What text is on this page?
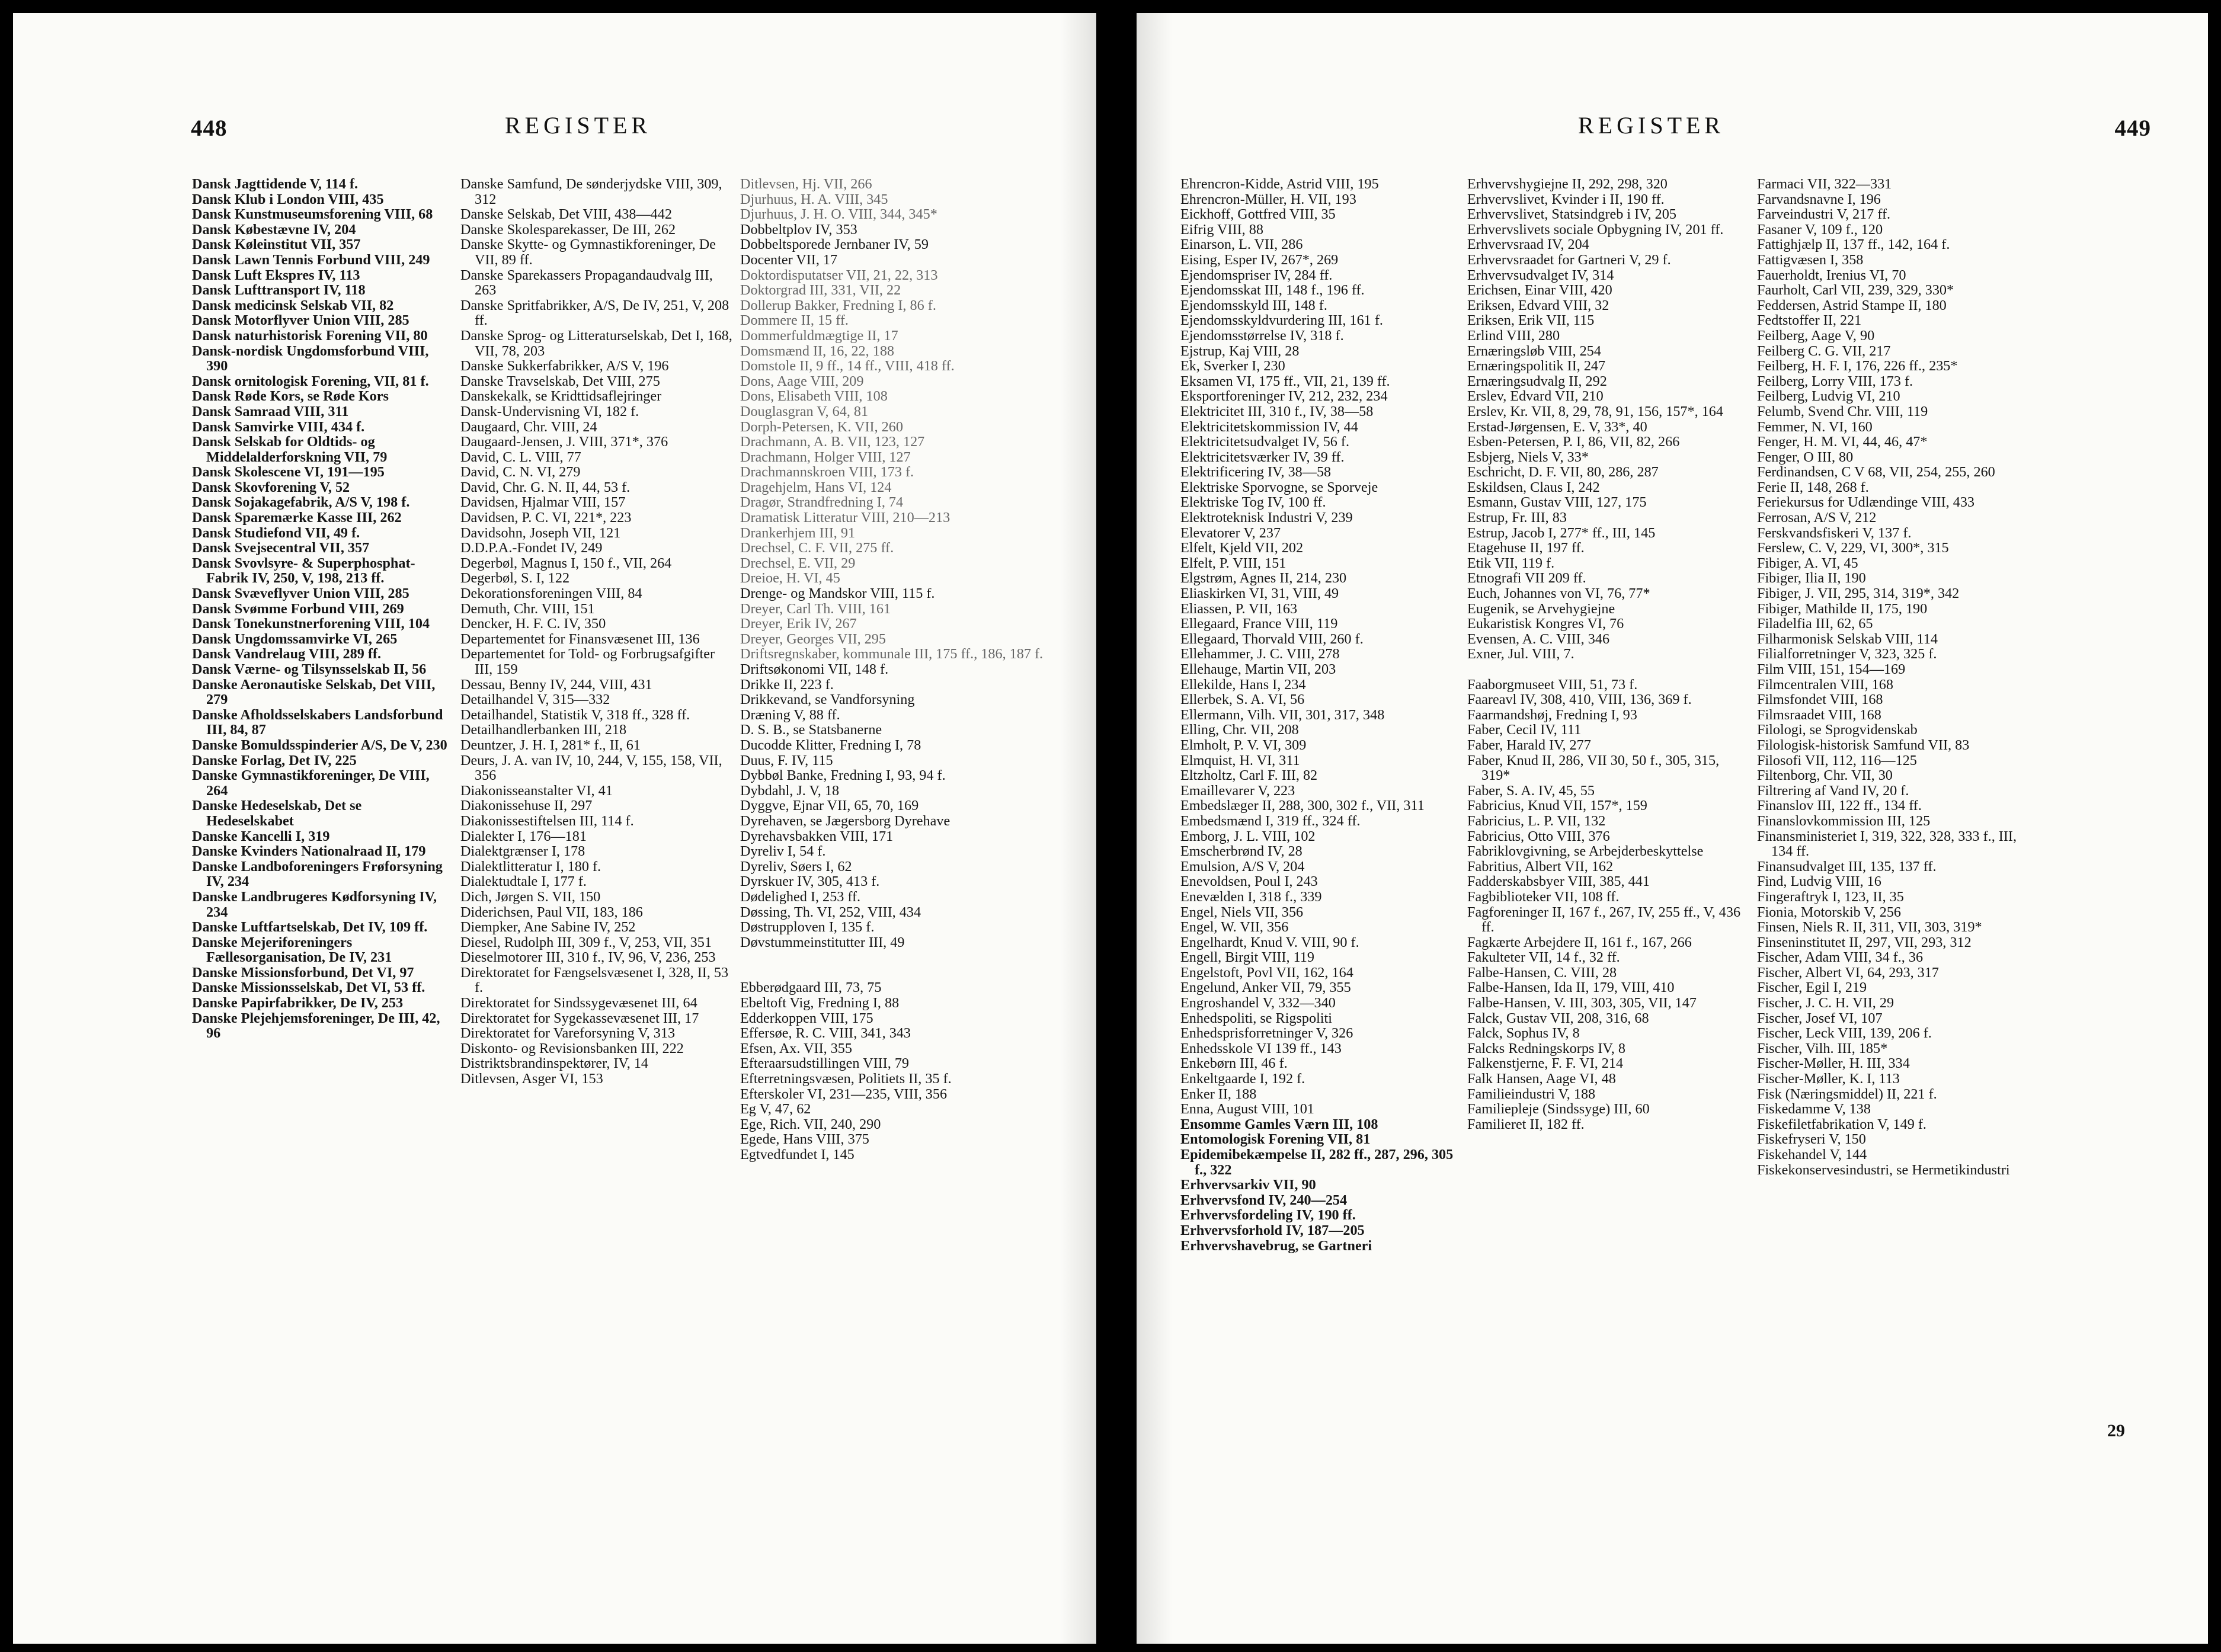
448	REGISTER
Dansk Jagttidende V, 114 f.
Dansk Klub i London VIII, 435
Dansk Kunstmuseumsforening VIII, 68
Dansk Købestævne IV, 204
Dansk Køleinstitut VII, 357
Dansk Lawn Tennis Forbund VIII, 249
Dansk Luft Ekspres IV, 113
Dansk Lufttransport IV, 118
Dansk medicinsk Selskab VII, 82
Dansk Motorflyver Union VIII, 285
Dansk naturhistorisk Forening VII, 80
Dansk-nordisk Ungdomsforbund VIII, 390
Dansk ornitologisk Forening, VII, 81 f.
Dansk Røde Kors, se Røde Kors
Dansk Samraad VIII, 311
Dansk Samvirke VIII, 434 f.
Dansk Selskab for Oldtids- og Middelalderforskning VII, 79
Dansk Skolescene VI, 191—195
Dansk Skovforening V, 52
Dansk Sojakagefabrik, A/S V, 198 f.
Dansk Sparemærke Kasse III, 262
Dansk Studiefond VII, 49 f.
Dansk Svejsecentral VII, 357
Dansk Svovlsyre- & Superphosphat-Fabrik IV, 250, V, 198, 213 ff.
Dansk Svæveflyver Union VIII, 285
Dansk Svømme Forbund VIII, 269
Dansk Tonekunstnerforening VIII, 104
Dansk Ungdomssamvirke VI, 265
Dansk Vandrelaug VIII, 289 ff.
Dansk Værne- og Tilsynsselskab II, 56
Danske Aeronautiske Selskab, Det VIII, 279
Danske Afholdsselskabers Landsforbund III, 84, 87
Danske Bomuldsspinderier A/S, De V, 230
Danske Forlag, Det IV, 225
Danske Gymnastikforeninger, De VIII, 264
Danske Hedeselskab, Det se Hedeselskabet
Danske Kancelli I, 319
Danske Kvinders Nationalraad II, 179
Danske Landboforeningers Frøforsyning IV, 234
Danske Landbrugeres Kødforsyning IV, 234
Danske Luftfartselskab, Det IV, 109 ff.
Danske Mejeriforeningers Fællesorganisation, De IV, 231
Danske Missionsforbund, Det VI, 97
Danske Missionsselskab, Det VI, 53 ff.
Danske Papirfabrikker, De IV, 253
Danske Plejehjemsforeninger, De III, 42, 96
Danske Samfund, De sønderjydske VIII, 309, 312
Danske Selskab, Det VIII, 438—442
Danske Skolesparekasser, De III, 262
Danske Skytte- og Gymnastikforeninger, De VII, 89 ff.
Danske Sparekassers Propagandaudvalg III, 263
Danske Spritfabrikker, A/S, De IV, 251, V, 208 ff.
Danske Sprog- og Litteraturselskab, Det I, 168, VII, 78, 203
Danske Sukkerfabrikker, A/S V, 196
Danske Travselskab, Det VIII, 275
Danskekalk, se Kridttidsaflejringer
Dansk-Undervisning VI, 182 f.
Daugaard, Chr. VIII, 24
Daugaard-Jensen, J. VIII, 371*, 376
David, C. L. VIII, 77
David, C. N. VI, 279
David, Chr. G. N. II, 44, 53 f.
Davidsen, Hjalmar VIII, 157
Davidsen, P. C. VI, 221*, 223
Davidsohn, Joseph VII, 121
D.D.P.A.-Fondet IV, 249
Degerbøl, Magnus I, 150 f., VII, 264
Degerbøl, S. I, 122
Dekorationsforeningen VIII, 84
Demuth, Chr. VIII, 151
Dencker, H. F. C. IV, 350
Departementet for Finansvæsenet III, 136
Departementet for Told- og Forbrugsafgifter III, 159
Dessau, Benny IV, 244, VIII, 431
Detailhandel V, 315—332
Detailhandel, Statistik V, 318 ff., 328 ff.
Detailhandlerbanken III, 218
Deuntzer, J. H. I, 281* f., II, 61
Deurs, J. A. van IV, 10, 244, V, 155, 158, VII, 356
Diakonisseanstalter VI, 41
Diakonissehuse II, 297
Diakonissestiftelsen III, 114 f.
Dialekter I, 176—181
Dialektgrænser I, 178
Dialektlitteratur I, 180 f.
Dialektudtale I, 177 f.
Dich, Jørgen S. VII, 150
Diderichsen, Paul VII, 183, 186
Diempker, Ane Sabine IV, 252
Diesel, Rudolph III, 309 f., V, 253, VII, 351
Dieselmotorer III, 310 f., IV, 96, V, 236, 253
Direktoratet for Fængselsvæsenet I, 328, II, 53 f.
Direktoratet for Sindssygevæsenet III, 64
Direktoratet for Sygekassevæsenet III, 17
Direktoratet for Vareforsyning V, 313
Diskonto- og Revisionsbanken III, 222
Distriktsbrandinspektører, IV, 14
Ditlevsen, Asger VI, 153
Ditlevsen, Hj. VII, 266
Djurhuus, H. A. VIII, 345
Djurhuus, J. H. O. VIII, 344, 345*
Dobbeltplov IV, 353
Dobbeltsporede Jernbaner IV, 59
Docenter VII, 17
Doktordisputatser VII, 21, 22, 313
Doktorgrad III, 331, VII, 22
Dollerup Bakker, Fredning I, 86 f.
Dommere II, 15 ff.
Dommerfuldmægtige II, 17
Domsmænd II, 16, 22, 188
Domstole II, 9 ff., 14 ff., VIII, 418 ff.
Dons, Aage VIII, 209
Dons, Elisabeth VIII, 108
Douglasgran V, 64, 81
Dorph-Petersen, K. VII, 260
Drachmann, A. B. VII, 123, 127
Drachmann, Holger VIII, 127
Drachmannskroen VIII, 173 f.
Dragehjelm, Hans VI, 124
Dragør, Strandfredning I, 74
Dramatisk Litteratur VIII, 210—213
Drankerhjem III, 91
Drechsel, C. F. VII, 275 ff.
Drechsel, E. VII, 29
Dreioe, H. VI, 45
Drenge- og Mandskor VIII, 115 f.
Dreyer, Carl Th. VIII, 161
Dreyer, Erik IV, 267
Dreyer, Georges VII, 295
Driftsregnskaber, kommunale III, 175 ff., 186, 187 f.
Driftsøkonomi VII, 148 f.
Drikke II, 223 f.
Drikkevand, se Vandforsyning
Dræning V, 88 ff.
D. S. B., se Statsbanerne
Ducodde Klitter, Fredning I, 78
Duus, F. IV, 115
Dybbøl Banke, Fredning I, 93, 94 f.
Dybdahl, J. V, 18
Dyggve, Ejnar VII, 65, 70, 169
Dyrehaven, se Jægersborg Dyrehave
Dyrehavsbakken VIII, 171
Dyreliv I, 54 f.
Dyreliv, Søers I, 62
Dyrskuer IV, 305, 413 f.
Dødelighed I, 253 ff.
Døssing, Th. VI, 252, VIII, 434
Døstrupploven I, 135 f.
Døvstummeinstitutter III, 49
Ebberødgaard III, 73, 75
Ebeltoft Vig, Fredning I, 88
Edderkoppen VIII, 175
Effersøe, R. C. VIII, 341, 343
Efsen, Ax. VII, 355
Efteraarsudstillingen VIII, 79
Efterretningsvæsen, Politiets II, 35 f.
Efterskoler VI, 231—235, VIII, 356
Eg V, 47, 62
Ege, Rich. VII, 240, 290
Egede, Hans VIII, 375
Egtvedfundet I, 145
REGISTER	449
Ehrencron-Kidde, Astrid VIII, 195
Ehrencron-Müller, H. VII, 193
Eickhoff, Gottfred VIII, 35
Eifrig VIII, 88
Einarson, L. VII, 286
Eising, Esper IV, 267*, 269
Ejendomspriser IV, 284 ff.
Ejendomsskat III, 148 f., 196 ff.
Ejendomsskyld III, 148 f.
Ejendomsskyldvurdering III, 161 f.
Ejendomsstørrelse IV, 318 f.
Ejstrup, Kaj VIII, 28
Ek, Sverker I, 230
Eksamen VI, 175 ff., VII, 21, 139 ff.
Eksportforeninger IV, 212, 232, 234
Elektricitet III, 310 f., IV, 38—58
Elektricitetskommission IV, 44
Elektricitetsudvalget IV, 56 f.
Elektricitetsværker IV, 39 ff.
Elektrificering IV, 38—58
Elektriske Sporvogne, se Sporveje
Elektriske Tog IV, 100 ff.
Elektroteknisk Industri V, 239
Elevatorer V, 237
Elfelt, Kjeld VII, 202
Elfelt, P. VIII, 151
Elgstrøm, Agnes II, 214, 230
Eliaskirken VI, 31, VIII, 49
Eliassen, P. VII, 163
Ellegaard, France VIII, 119
Ellegaard, Thorvald VIII, 260 f.
Ellehammer, J. C. VIII, 278
Ellehauge, Martin VII, 203
Ellekilde, Hans I, 234
Ellerbek, S. A. VI, 56
Ellermann, Vilh. VII, 301, 317, 348
Elling, Chr. VII, 208
Elmholt, P. V. VI, 309
Elmquist, H. VI, 311
Eltzholtz, Carl F. III, 82
Emaillevarer V, 223
Embedslæger II, 288, 300, 302 f., VII, 311
Embedsmænd I, 319 ff., 324 ff.
Emborg, J. L. VIII, 102
Emscherbrønd IV, 28
Emulsion, A/S V, 204
Enevoldsen, Poul I, 243
Enevælden I, 318 f., 339
Engel, Niels VII, 356
Engel, W. VII, 356
Engelhardt, Knud V. VIII, 90 f.
Engell, Birgit VIII, 119
Engelstoft, Povl VII, 162, 164
Engelund, Anker VII, 79, 355
Engroshandel V, 332—340
Enhedspoliti, se Rigspoliti
Enhedsprisforretninger V, 326
Enhedsskole VI 139 ff., 143
Enkebørn III, 46 f.
Enkeltgaarde I, 192 f.
Enker II, 188
Enna, August VIII, 101
Ensomme Gamles Værn III, 108
Entomologisk Forening VII, 81
Epidemibekæmpelse II, 282 ff., 287, 296, 305 f., 322
Erhvervsarkiv VII, 90
Erhvervsfond IV, 240—254
Erhvervsfordeling IV, 190 ff.
Erhvervsforhold IV, 187—205
Erhvervshavebrug, se Gartneri
Erhvervshygiejne II, 292, 298, 320
Erhvervslivet, Kvinder i II, 190 ff.
Erhvervslivet, Statsindgreb i IV, 205
Erhvervslivets sociale Opbygning IV, 201 ff.
Erhvervsraad IV, 204
Erhvervsraadet for Gartneri V, 29 f.
Erhvervsudvalget IV, 314
Erichsen, Einar VIII, 420
Eriksen, Edvard VIII, 32
Eriksen, Erik VII, 115
Erlind VIII, 280
Ernæringsløb VIII, 254
Ernæringspolitik II, 247
Ernæringsudvalg II, 292
Erslev, Edvard VII, 210
Erslev, Kr. VII, 8, 29, 78, 91, 156, 157*, 164
Erstad-Jørgensen, E. V, 33*, 40
Esben-Petersen, P. I, 86, VII, 82, 266
Esbjerg, Niels V, 33*
Eschricht, D. F. VII, 80, 286, 287
Eskildsen, Claus I, 242
Esmann, Gustav VIII, 127, 175
Estrup, Fr. III, 83
Estrup, Jacob I, 277* ff., III, 145
Etagehuse II, 197 ff.
Etik VII, 119 f.
Etnografi VII 209 ff.
Euch, Johannes von VI, 76, 77*
Eugenik, se Arvehygiejne
Eukaristisk Kongres VI, 76
Evensen, A. C. VIII, 346
Exner, Jul. VIII, 7.
Faaborgmuseet VIII, 51, 73 f.
Faareavl IV, 308, 410, VIII, 136, 369 f.
Faarmandshøj, Fredning I, 93
Faber, Cecil IV, 111
Faber, Harald IV, 277
Faber, Knud II, 286, VII 30, 50 f., 305, 315, 319*
Faber, S. A. IV, 45, 55
Fabricius, Knud VII, 157*, 159
Fabricius, L. P. VII, 132
Fabricius, Otto VIII, 376
Fabriklovgivning, se Arbejderbeskyttelse
Fabritius, Albert VII, 162
Fadderskabsbyer VIII, 385, 441
Fagbiblioteker VII, 108 ff.
Fagforeninger II, 167 f., 267, IV, 255 ff., V, 436 ff.
Fagkærte Arbejdere II, 161 f., 167, 266
Fakulteter VII, 14 f., 32 ff.
Falbe-Hansen, C. VIII, 28
Falbe-Hansen, Ida II, 179, VIII, 410
Falbe-Hansen, V. III, 303, 305, VII, 147
Falck, Gustav VII, 208, 316, 68
Falck, Sophus IV, 8
Falcks Redningskorps IV, 8
Falkenstjerne, F. F. VI, 214
Falk Hansen, Aage VI, 48
Familieindustri V, 188
Familiepleje (Sindssyge) III, 60
Familieret II, 182 ff.
Farmaci VII, 322—331
Farvandsnavne I, 196
Farveindustri V, 217 ff.
Fasaner V, 109 f., 120
Fattighjælp II, 137 ff., 142, 164 f.
Fattigvæsen I, 358
Fauerholdt, Irenius VI, 70
Faurholt, Carl VII, 239, 329, 330*
Feddersen, Astrid Stampe II, 180
Fedtstoffer II, 221
Feilberg, Aage V, 90
Feilberg C. G. VII, 217
Feilberg, H. F. I, 176, 226 ff., 235*
Feilberg, Lorry VIII, 173 f.
Feilberg, Ludvig VI, 210
Felumb, Svend Chr. VIII, 119
Femmer, N. VI, 160
Fenger, H. M. VI, 44, 46, 47*
Fenger, O III, 80
Ferdinandsen, C V 68, VII, 254, 255, 260
Ferie II, 148, 268 f.
Feriekursus for Udlændinge VIII, 433
Ferrosan, A/S V, 212
Ferskvandsfiskeri V, 137 f.
Ferslew, C. V, 229, VI, 300*, 315
Fibiger, A. VI, 45
Fibiger, Ilia II, 190
Fibiger, J. VII, 295, 314, 319*, 342
Fibiger, Mathilde II, 175, 190
Filadelfia III, 62, 65
Filharmonisk Selskab VIII, 114
Filialforretninger V, 323, 325 f.
Film VIII, 151, 154—169
Filmcentralen VIII, 168
Filmsfondet VIII, 168
Filmsraadet VIII, 168
Filologi, se Sprogvidenskab
Filologisk-historisk Samfund VII, 83
Filosofi VII, 112, 116—125
Filtenborg, Chr. VII, 30
Filtrering af Vand IV, 20 f.
Finanslov III, 122 ff., 134 ff.
Finanslovkommission III, 125
Finansministeriet I, 319, 322, 328, 333 f., III, 134 ff.
Finansudvalget III, 135, 137 ff.
Find, Ludvig VIII, 16
Fingeraftryk I, 123, II, 35
Fionia, Motorskib V, 256
Finsen, Niels R. II, 311, VII, 303, 319*
Finseninstitutet II, 297, VII, 293, 312
Fischer, Adam VIII, 34 f., 36
Fischer, Albert VI, 64, 293, 317
Fischer, Egil I, 219
Fischer, J. C. H. VII, 29
Fischer, Josef VI, 107
Fischer, Leck VIII, 139, 206 f.
Fischer, Vilh. III, 185*
Fischer-Møller, H. III, 334
Fischer-Møller, K. I, 113
Fisk (Næringsmiddel) II, 221 f.
Fiskedamme V, 138
Fiskefiletfabrikation V, 149 f.
Fiskefryseri V, 150
Fiskehandel V, 144
Fiskekonservesindustri, se Hermetikindustri
29
